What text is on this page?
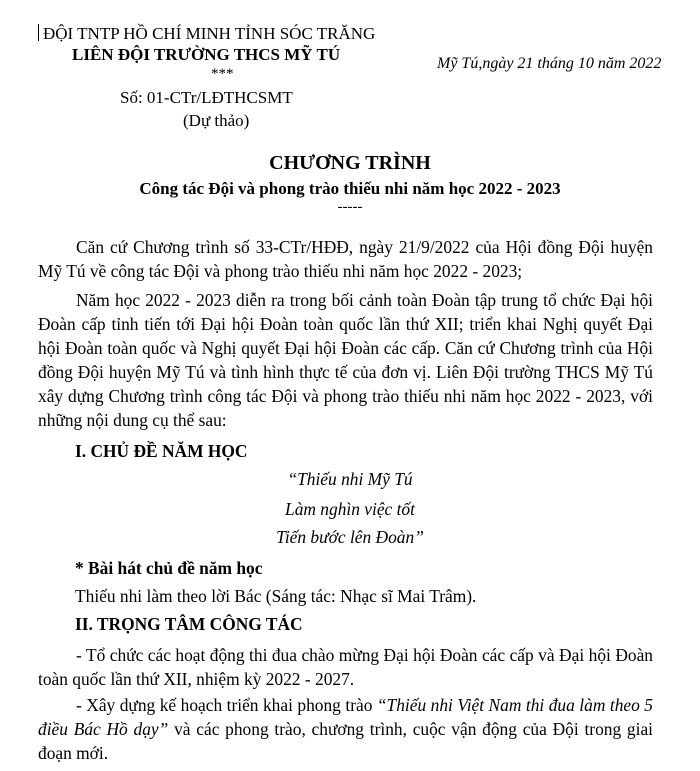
ĐỘI TNTP HỒ CHÍ MINH TỈNH SÓC TRĂNG
LIÊN ĐỘI TRƯỜNG THCS MỸ TÚ
***
Số: 01-CTr/LĐTHCSMT
(Dự thảo)
Mỹ Tú,ngày 21 tháng 10 năm 2022
CHƯƠNG TRÌNH
Công tác Đội và phong trào thiếu nhi năm học 2022 - 2023
-----
Căn cứ Chương trình số 33-CTr/HĐĐ, ngày 21/9/2022 của Hội đồng Đội huyện Mỹ Tú về công tác Đội và phong trào thiếu nhi năm học 2022 - 2023;
Năm học 2022 - 2023 diễn ra trong bối cảnh toàn Đoàn tập trung tổ chức Đại hội Đoàn cấp tỉnh tiến tới Đại hội Đoàn toàn quốc lần thứ XII; triển khai Nghị quyết Đại hội Đoàn toàn quốc và Nghị quyết Đại hội Đoàn các cấp. Căn cứ Chương trình của Hội đồng Đội huyện Mỹ Tú và tình hình thực tế của đơn vị. Liên Đội trường THCS Mỹ Tú xây dựng Chương trình công tác Đội và phong trào thiếu nhi năm học 2022 - 2023, với những nội dung cụ thể sau:
I. CHỦ ĐỀ NĂM HỌC
“Thiếu nhi Mỹ Tú
Làm nghìn việc tốt
Tiến bước lên Đoàn”
* Bài hát chủ đề năm học
Thiếu nhi làm theo lời Bác (Sáng tác: Nhạc sĩ Mai Trâm).
II. TRỌNG TÂM CÔNG TÁC
- Tổ chức các hoạt động thi đua chào mừng Đại hội Đoàn các cấp và Đại hội Đoàn toàn quốc lần thứ XII, nhiệm kỳ 2022 - 2027.
- Xây dựng kế hoạch triển khai phong trào “Thiếu nhi Việt Nam thi đua làm theo 5 điều Bác Hồ dạy” và các phong trào, chương trình, cuộc vận động của Đội trong giai đoạn mới.
